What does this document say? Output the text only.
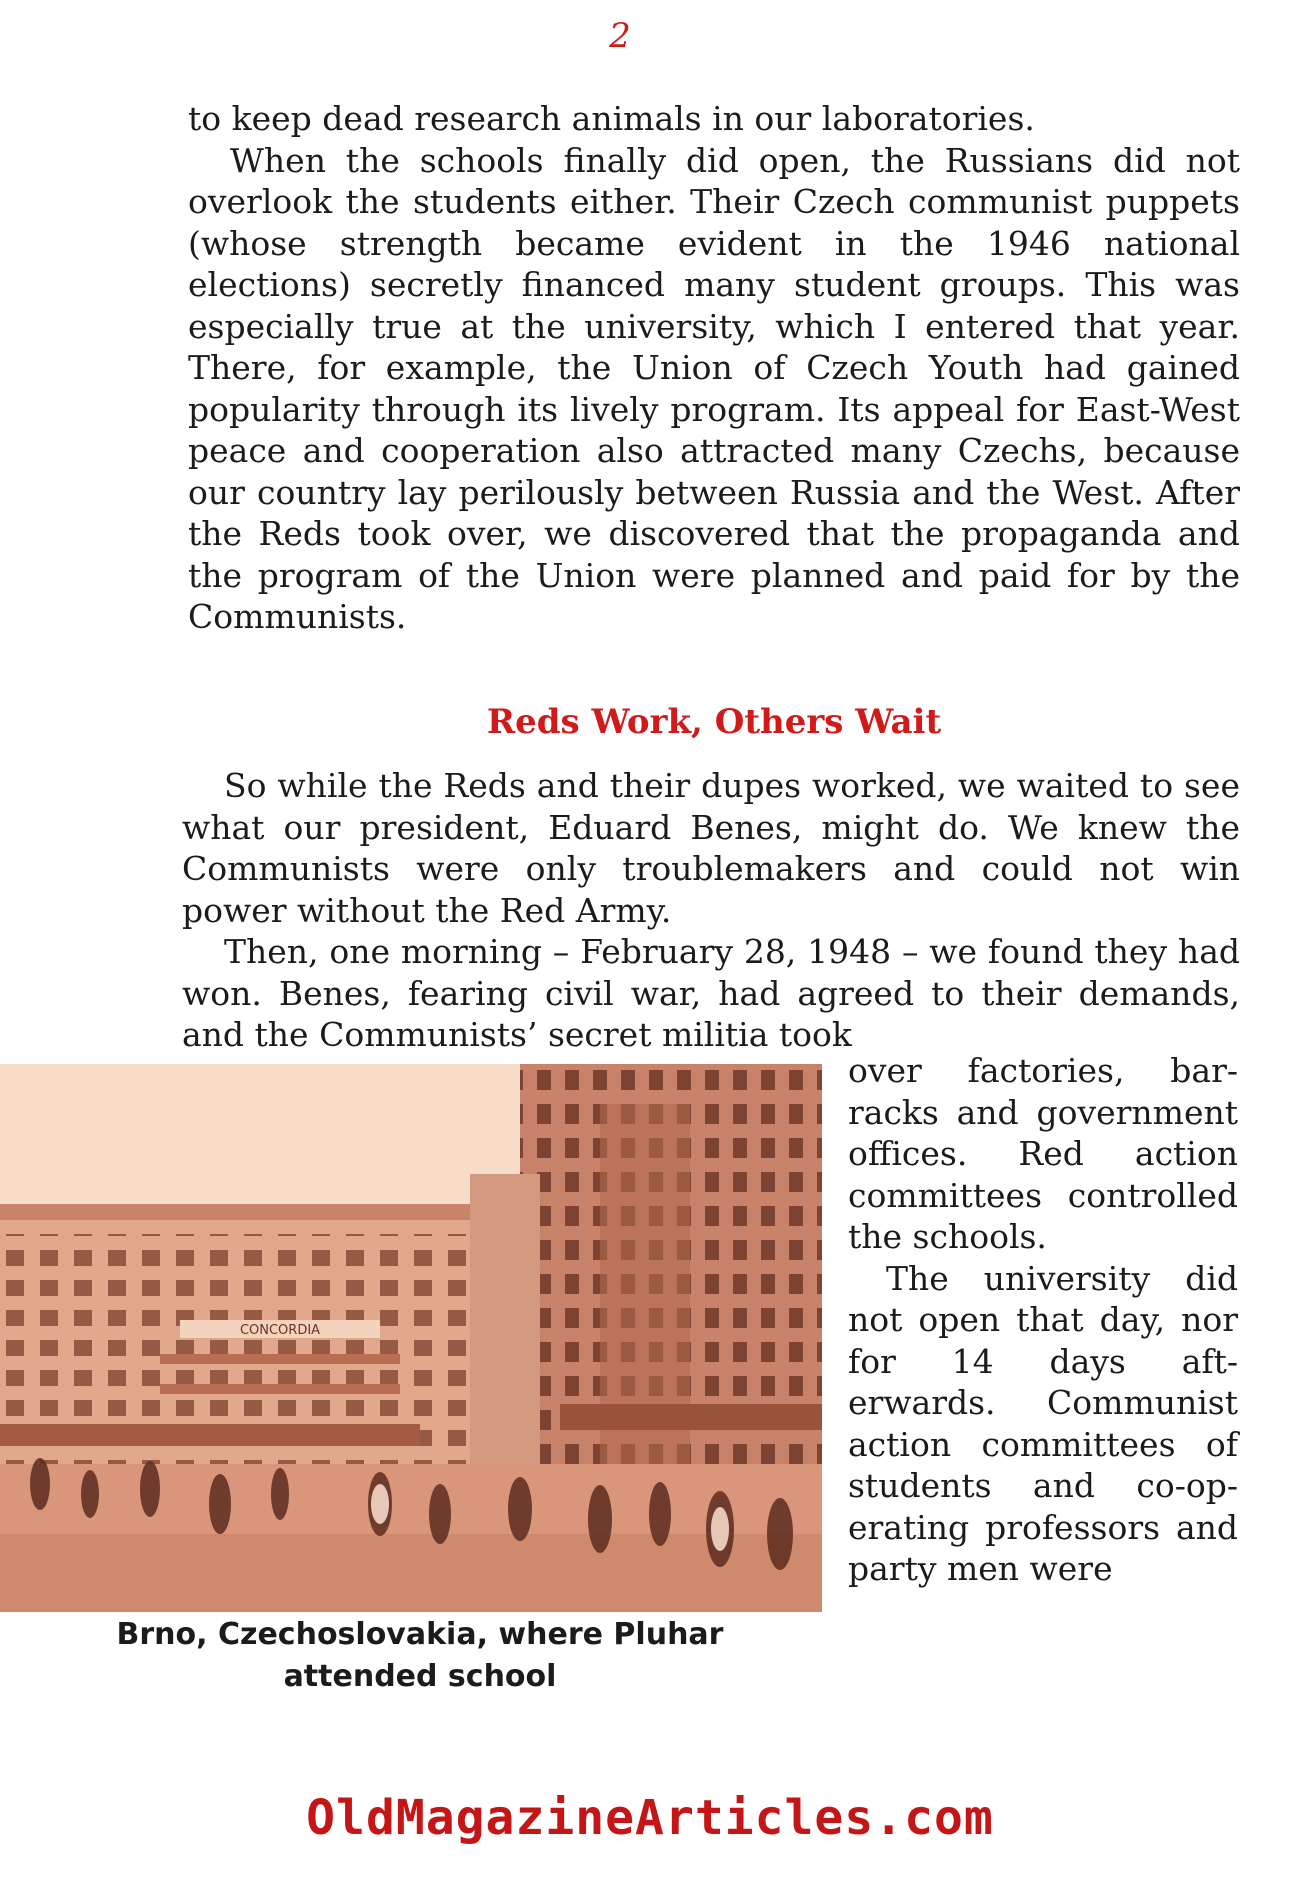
2

to keep dead research animals in our laboratories.

When the schools finally did open, the Russians did not overlook the students either. Their Czech communist puppets (whose strength became evident in the 1946 national elections) secretly financed many student groups. This was especially true at the university, which I entered that year. There, for example, the Union of Czech Youth had gained popularity through its lively program. Its appeal for East-West peace and cooperation also attracted many Czechs, because our country lay perilously between Russia and the West. After the Reds took over, we discovered that the propaganda and the program of the Union were planned and paid for by the Communists.

Reds Work, Others Wait

So while the Reds and their dupes worked, we waited to see what our president, Eduard Benes, might do. We knew the Communists were only troublemakers and could not win power without the Red Army.

Then, one morning – February 28, 1948 – we found they had won. Benes, fearing civil war, had agreed to their demands, and the Communists’ secret militia took

CONCORDIA
Brno, Czechoslovakia, where Pluhar attended school

over factories, barracks and government offices. Red action committees controlled the schools.

The university did not open that day, nor for 14 days afterwards. Communist action committees of students and co-operating professors and party men were

OldMagazineArticles.com
